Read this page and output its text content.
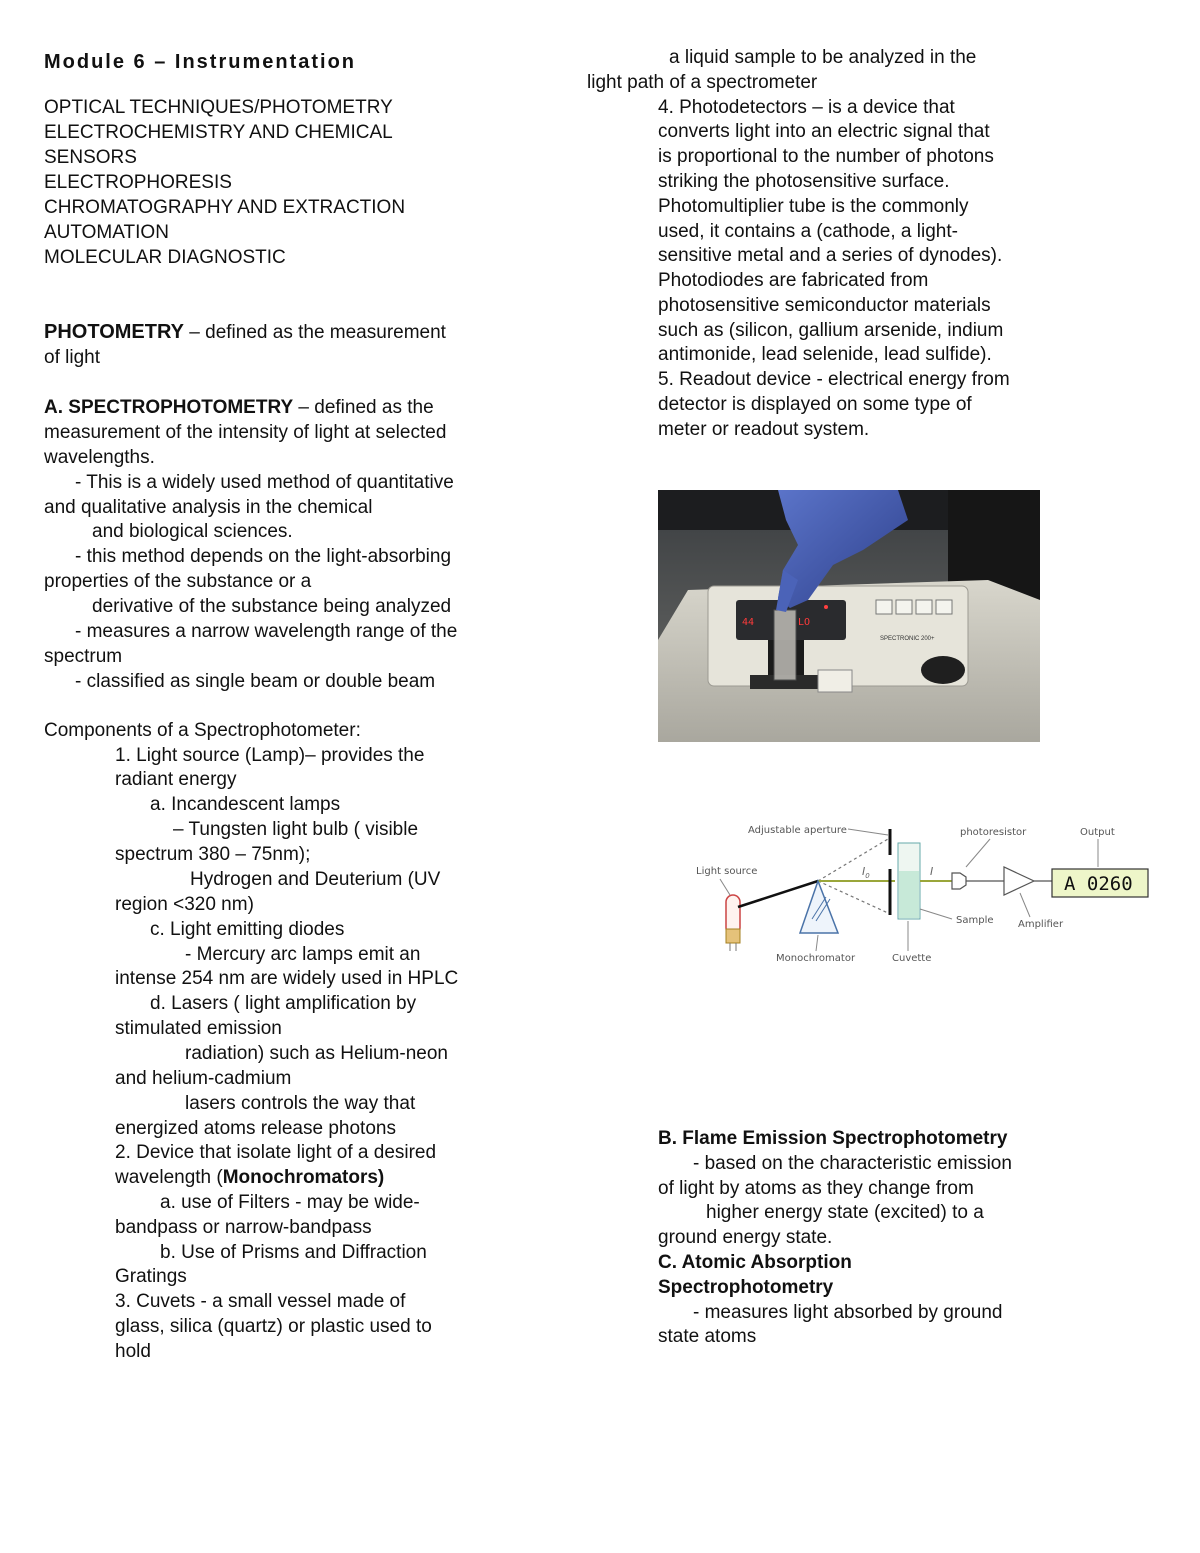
Module 6 – Instrumentation
OPTICAL TECHNIQUES/PHOTOMETRY
ELECTROCHEMISTRY AND CHEMICAL
SENSORS
ELECTROPHORESIS
CHROMATOGRAPHY AND EXTRACTION
AUTOMATION
MOLECULAR DIAGNOSTIC
PHOTOMETRY – defined as the measurement
of light
A. SPECTROPHOTOMETRY – defined as the
measurement of the intensity of light at selected
wavelengths.
- This is a widely used method of quantitative
and qualitative analysis in the chemical
and biological sciences.
- this method depends on the light-absorbing
properties of the substance or a
derivative of the substance being analyzed
- measures a narrow wavelength range of the
spectrum
- classified as single beam or double beam
Components of a Spectrophotometer:
1. Light source (Lamp)– provides the
radiant energy
a. Incandescent lamps
– Tungsten light bulb ( visible
spectrum 380 – 75nm);
Hydrogen and Deuterium (UV
region <320 nm)
c. Light emitting diodes
- Mercury arc lamps emit an
intense 254 nm are widely used in HPLC
d. Lasers ( light amplification by
stimulated emission
radiation) such as Helium-neon
and helium-cadmium
lasers controls the way that
energized atoms release photons
2. Device that isolate light of a desired
wavelength (Monochromators)
a. use of Filters - may be wide-
bandpass or narrow-bandpass
b. Use of Prisms and Diffraction
Gratings
3. Cuvets - a small vessel made of
glass, silica (quartz) or plastic used to
hold
a liquid sample to be analyzed in the
light path of a spectrometer
4. Photodetectors – is a device that
converts light into an electric signal that
is proportional to the number of photons
striking the photosensitive surface.
Photomultiplier tube is the commonly
used, it contains a (cathode, a light-
sensitive metal and a series of dynodes).
Photodiodes are fabricated from
photosensitive semiconductor materials
such as (silicon, gallium arsenide, indium
antimonide, lead selenide, lead sulfide).
5. Readout device - electrical energy from
detector is displayed on some type of
meter or readout system.
44	LO
SPECTRONIC 200+
Adjustable aperture	photoresistor	Output
Light source	$I_0$
Monochromator	Cuvette
Sample
I
Amplifier
A 0260
B. Flame Emission Spectrophotometry
- based on the characteristic emission
of light by atoms as they change from
higher energy state (excited) to a
ground energy state.
C. Atomic Absorption
Spectrophotometry
- measures light absorbed by ground
state atoms
